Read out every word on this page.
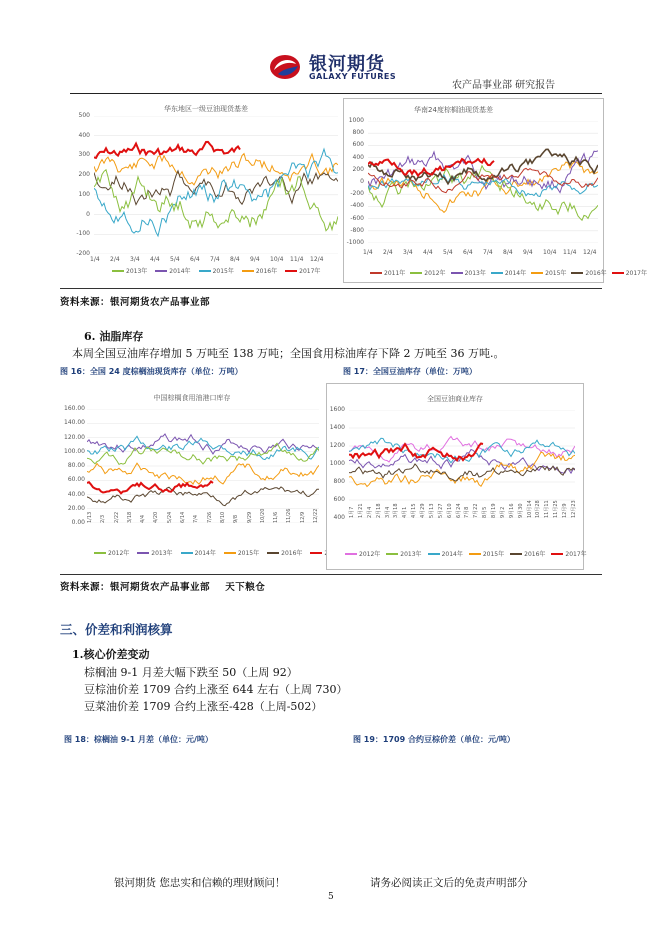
银河期货
GALAXY FUTURES
农产品事业部 研究报告
华东地区一级豆油现货基差
500
400
300
200
100
0
-100
-200
1/4 2/4 3/4 4/4 5/4 6/4 7/4 8/4 9/4 10/4 11/4 12/4
2013年	2014年	2015年	2016年	2017年
华南24度棕榈油现货基差
1000
800
600
400
200
0
-200
-400
-600
-800
-1000
1/4 2/4 3/4 4/4 5/4 6/4 7/4 8/4 9/4 10/4 11/4 12/4
2011年	2012年	2013年	2014年	2015年	2016年	2017年
资料来源：银河期货农产品事业部
6. 油脂库存
本周全国豆油库存增加 5 万吨至 138 万吨；全国食用棕油库存下降 2 万吨至 36 万吨.。
图 16：全国 24 度棕榈油现货库存（单位：万吨）	图 17：全国豆油库存（单位：万吨）
中国棕榈食用油港口库存
160.00
140.00
120.00
100.00
80.00
60.00
40.00
20.00
0.00 1/13 2/3 2/22 3/18 4/4 4/20 5/24 6/14 7/4 7/26 8/10 9/8 9/29 10/20 11/6 11/26 12/9 12/22
2012年	2013年	2014年	2015年	2016年
全国豆油商业库存
1600
1400
1200
1000
800
600
400 1月7 1月21 2月4 2月18 3月4 3月18 4月1 4月15 4月29 5月13 5月27 6月10 6月24 7月8 7月22 8月5 8月19 9月2 9月16 9月30 10月14 10月28 11月11 11月25 12月9 12月23
2012年	2013年	2014年	2015年	2016年	2017年
资料来源：银河期货农产品事业部    天下粮仓
三、价差和利润核算
1.核心价差变动
棕榈油 9-1 月差大幅下跌至 50（上周 92）
豆棕油价差 1709 合约上涨至 644 左右（上周 730）
豆菜油价差 1709 合约上涨至-428（上周-502）
图 18：棕榈油 9-1 月差（单位：元/吨）	图 19：1709 合约豆棕价差（单位：元/吨）
银河期货 您忠实和信赖的理财顾问！	请务必阅读正文后的免责声明部分
5
